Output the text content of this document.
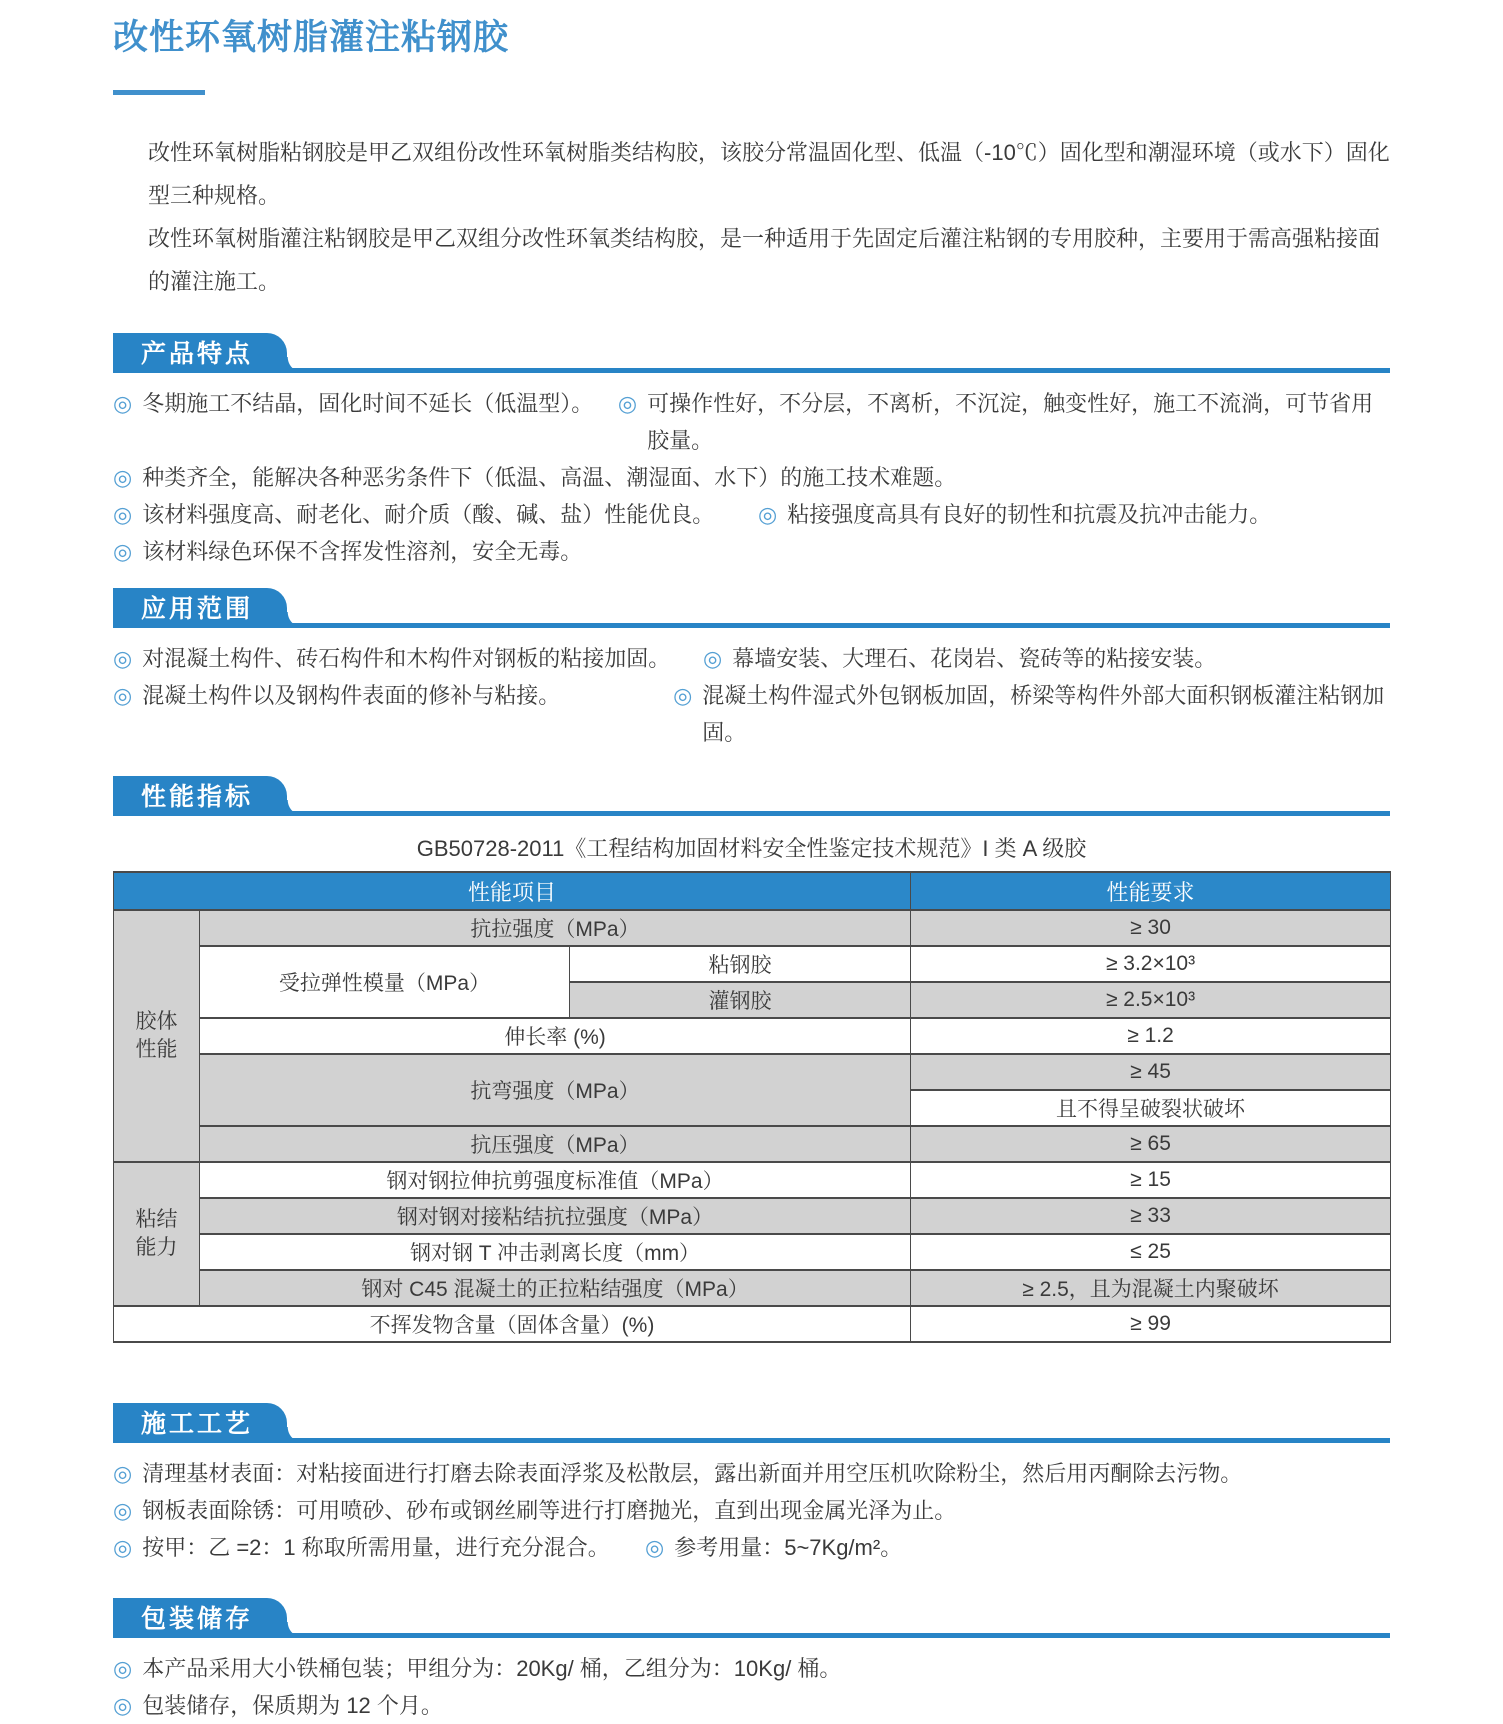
改性环氧树脂灌注粘钢胶
改性环氧树脂粘钢胶是甲乙双组份改性环氧树脂类结构胶，该胶分常温固化型、低温（-10℃）固化型和潮湿环境（或水下）固化型三种规格。
改性环氧树脂灌注粘钢胶是甲乙双组分改性环氧类结构胶，是一种适用于先固定后灌注粘钢的专用胶种，主要用于需高强粘接面的灌注施工。
产品特点
◎ 冬期施工不结晶，固化时间不延长（低温型）。 ◎ 可操作性好，不分层，不离析，不沉淀，触变性好，施工不流淌，可节省用胶量。
◎ 种类齐全，能解决各种恶劣条件下（低温、高温、潮湿面、水下）的施工技术难题。
◎ 该材料强度高、耐老化、耐介质（酸、碱、盐）性能优良。 ◎ 粘接强度高具有良好的韧性和抗震及抗冲击能力。
◎ 该材料绿色环保不含挥发性溶剂，安全无毒。
应用范围
◎ 对混凝土构件、砖石构件和木构件对钢板的粘接加固。 ◎ 幕墙安装、大理石、花岗岩、瓷砖等的粘接安装。
◎ 混凝土构件以及钢构件表面的修补与粘接。	◎ 混凝土构件湿式外包钢板加固，桥梁等构件外部大面积钢板灌注粘钢加固。
性能指标
GB50728-2011《工程结构加固材料安全性鉴定技术规范》I 类 A 级胶
性能项目			性能要求
胶体性能	抗拉强度（MPa）		≥ 30
	受拉弹性模量（MPa）	粘钢胶	≥ 3.2×10³
		灌钢胶	≥ 2.5×10³
	伸长率 (%)		≥ 1.2
	抗弯强度（MPa）		≥ 45
			且不得呈破裂状破坏
	抗压强度（MPa）		≥ 65
粘结能力	钢对钢拉伸抗剪强度标准值（MPa）		≥ 15
	钢对钢对接粘结抗拉强度（MPa）		≥ 33
	钢对钢 T 冲击剥离长度（mm）		≤ 25
	钢对 C45 混凝土的正拉粘结强度（MPa）		≥ 2.5，且为混凝土内聚破坏
不挥发物含量（固体含量）(%)			≥ 99
施工工艺
◎ 清理基材表面：对粘接面进行打磨去除表面浮浆及松散层，露出新面并用空压机吹除粉尘，然后用丙酮除去污物。
◎ 钢板表面除锈：可用喷砂、砂布或钢丝刷等进行打磨抛光，直到出现金属光泽为止。
◎ 按甲：乙 =2：1 称取所需用量，进行充分混合。 ◎ 参考用量：5~7Kg/m²。
包装储存
◎ 本产品采用大小铁桶包装；甲组分为：20Kg/ 桶，乙组分为：10Kg/ 桶。
◎ 包装储存，保质期为 12 个月。
